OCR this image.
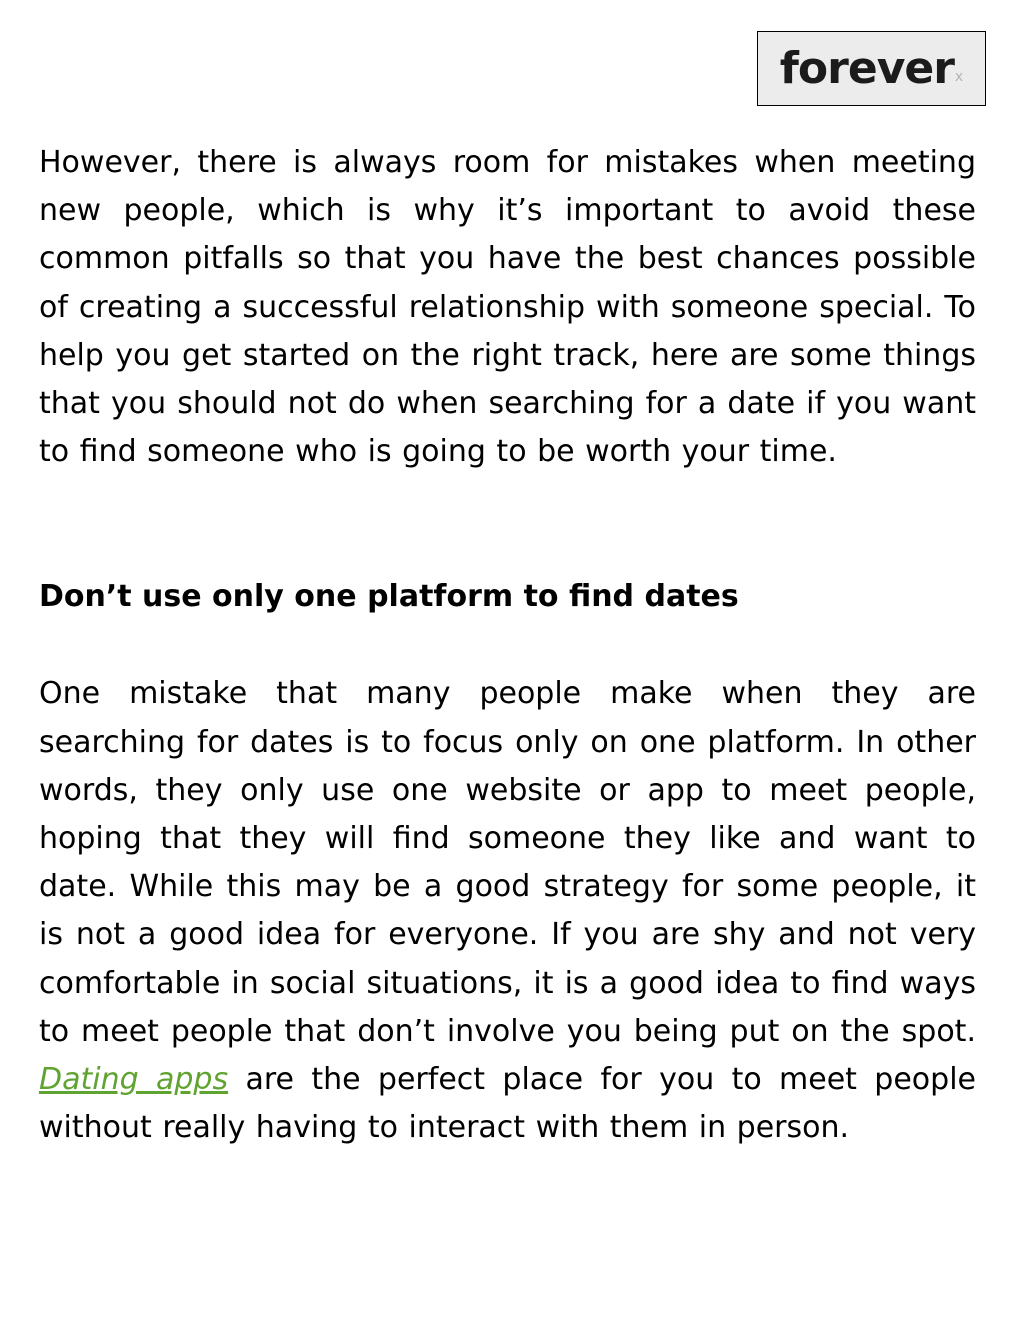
forever x

However, there is always room for mistakes when meeting new people, which is why it’s important to avoid these common pitfalls so that you have the best chances possible of creating a successful relationship with someone special. To help you get started on the right track, here are some things that you should not do when searching for a date if you want to find someone who is going to be worth your time.

Don’t use only one platform to find dates

One mistake that many people make when they are searching for dates is to focus only on one platform. In other words, they only use one website or app to meet people, hoping that they will find someone they like and want to date. While this may be a good strategy for some people, it is not a good idea for everyone. If you are shy and not very comfortable in social situations, it is a good idea to find ways to meet people that don’t involve you being put on the spot. Dating apps are the perfect place for you to meet people without really having to interact with them in person.
